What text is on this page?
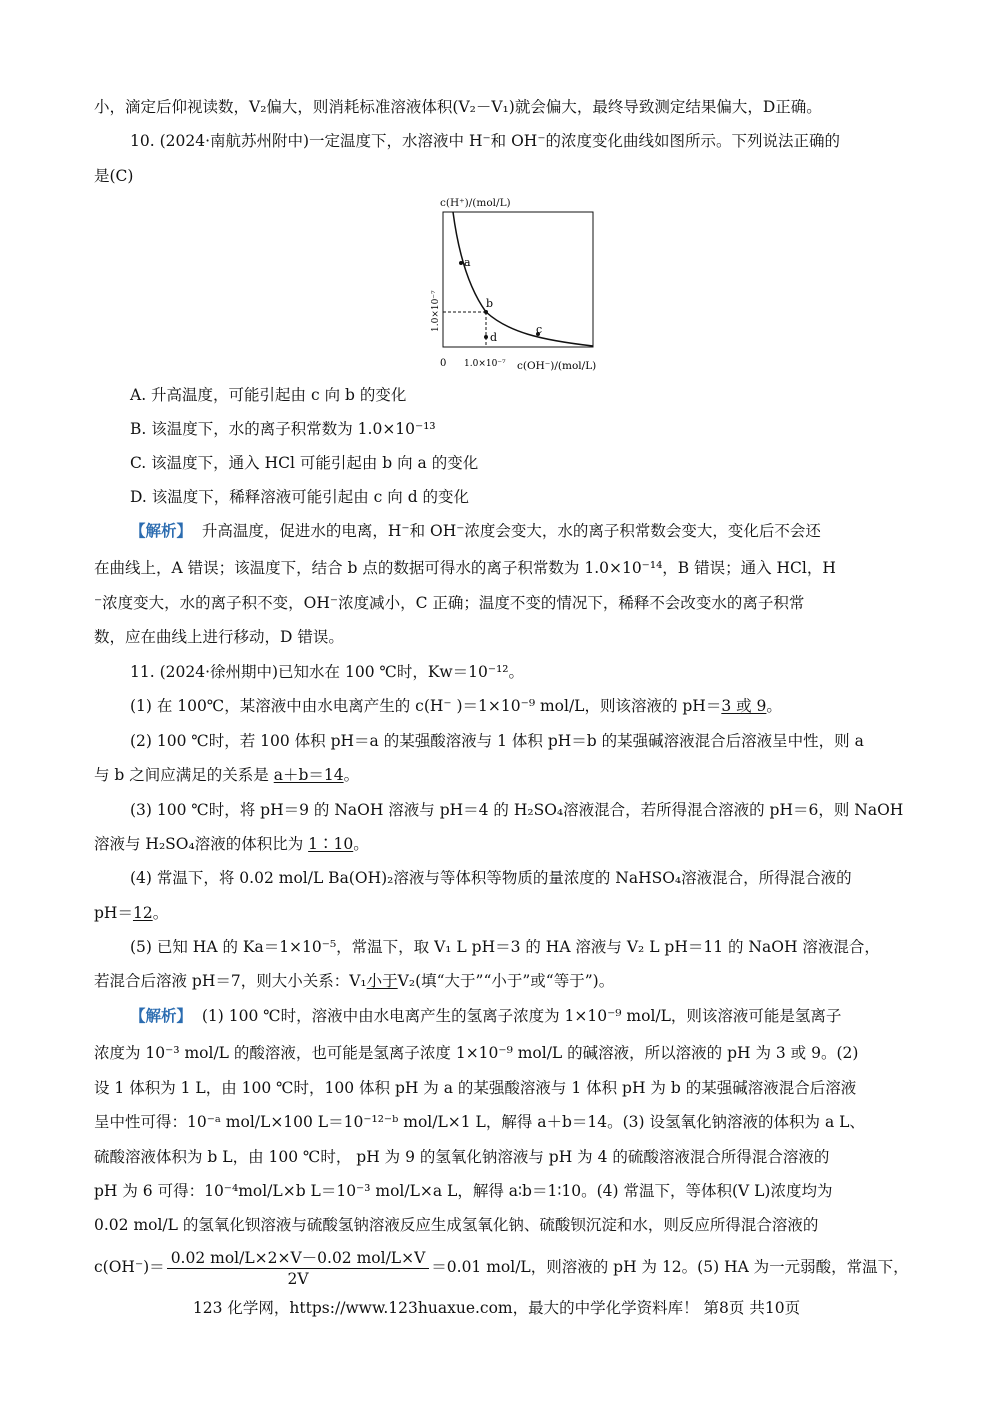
小，滴定后仰视读数，V₂偏大，则消耗标准溶液体积(V₂－V₁)就会偏大，最终导致测定结果偏大，D正确。
10. (2024·南航苏州附中)一定温度下，水溶液中 H⁻和 OH⁻的浓度变化曲线如图所示。下列说法正确的
是(C)
c(H⁺)/(mol/L)
a
b
c
d
1.0×10⁻⁷
0 1.0×10⁻⁷ c(OH⁻)/(mol/L)
A. 升高温度，可能引起由 c 向 b 的变化
B. 该温度下，水的离子积常数为 1.0×10⁻¹³
C. 该温度下，通入 HCl 可能引起由 b 向 a 的变化
D. 该温度下，稀释溶液可能引起由 c 向 d 的变化
【解析】 升高温度，促进水的电离，H⁻和 OH⁻浓度会变大，水的离子积常数会变大，变化后不会还
在曲线上，A 错误；该温度下，结合 b 点的数据可得水的离子积常数为 1.0×10⁻¹⁴，B 错误；通入 HCl，H
⁻浓度变大，水的离子积不变，OH⁻浓度减小，C 正确；温度不变的情况下，稀释不会改变水的离子积常
数，应在曲线上进行移动，D 错误。
11. (2024·徐州期中)已知水在 100 ℃时，Kw＝10⁻¹²。
(1) 在 100℃，某溶液中由水电离产生的 c(H⁻ )＝1×10⁻⁹ mol/L，则该溶液的 pH＝3 或 9。
(2) 100 ℃时，若 100 体积 pH＝a 的某强酸溶液与 1 体积 pH＝b 的某强碱溶液混合后溶液呈中性，则 a
与 b 之间应满足的关系是 a＋b＝14。
(3) 100 ℃时，将 pH＝9 的 NaOH 溶液与 pH＝4 的 H₂SO₄溶液混合，若所得混合溶液的 pH＝6，则 NaOH
溶液与 H₂SO₄溶液的体积比为 1∶10。
(4) 常温下，将 0.02 mol/L Ba(OH)₂溶液与等体积等物质的量浓度的 NaHSO₄溶液混合，所得混合液的
pH＝12。
(5) 已知 HA 的 Ka＝1×10⁻⁵，常温下，取 V₁ L pH＝3 的 HA 溶液与 V₂ L pH＝11 的 NaOH 溶液混合，
若混合后溶液 pH＝7，则大小关系：V₁小于V₂(填“大于”“小于”或“等于”)。
【解析】 (1) 100 ℃时，溶液中由水电离产生的氢离子浓度为 1×10⁻⁹ mol/L，则该溶液可能是氢离子
浓度为 10⁻³ mol/L 的酸溶液，也可能是氢离子浓度 1×10⁻⁹ mol/L 的碱溶液，所以溶液的 pH 为 3 或 9。(2)
设 1 体积为 1 L，由 100 ℃时，100 体积 pH 为 a 的某强酸溶液与 1 体积 pH 为 b 的某强碱溶液混合后溶液
呈中性可得：10⁻ᵃ mol/L×100 L＝10⁻¹²⁻ᵇ mol/L×1 L，解得 a＋b＝14。(3) 设氢氧化钠溶液的体积为 a L、
硫酸溶液体积为 b L，由 100 ℃时， pH 为 9 的氢氧化钠溶液与 pH 为 4 的硫酸溶液混合所得混合溶液的
pH 为 6 可得：10⁻⁴mol/L×b L＝10⁻³ mol/L×a L，解得 a∶b＝1∶10。(4) 常温下，等体积(V L)浓度均为
0.02 mol/L 的氢氧化钡溶液与硫酸氢钠溶液反应生成氢氧化钠、硫酸钡沉淀和水，则反应所得混合溶液的
$c(OH^-)= \frac{\text{0.02 mol/L×2×V－0.02 mol/L×V}}{2V} =0.01$ mol/L，则溶液的 pH 为 12。(5) HA 为一元弱酸，常温下，
123 化学网，https://www.123huaxue.com，最大的中学化学资料库！ 第8页 共10页
